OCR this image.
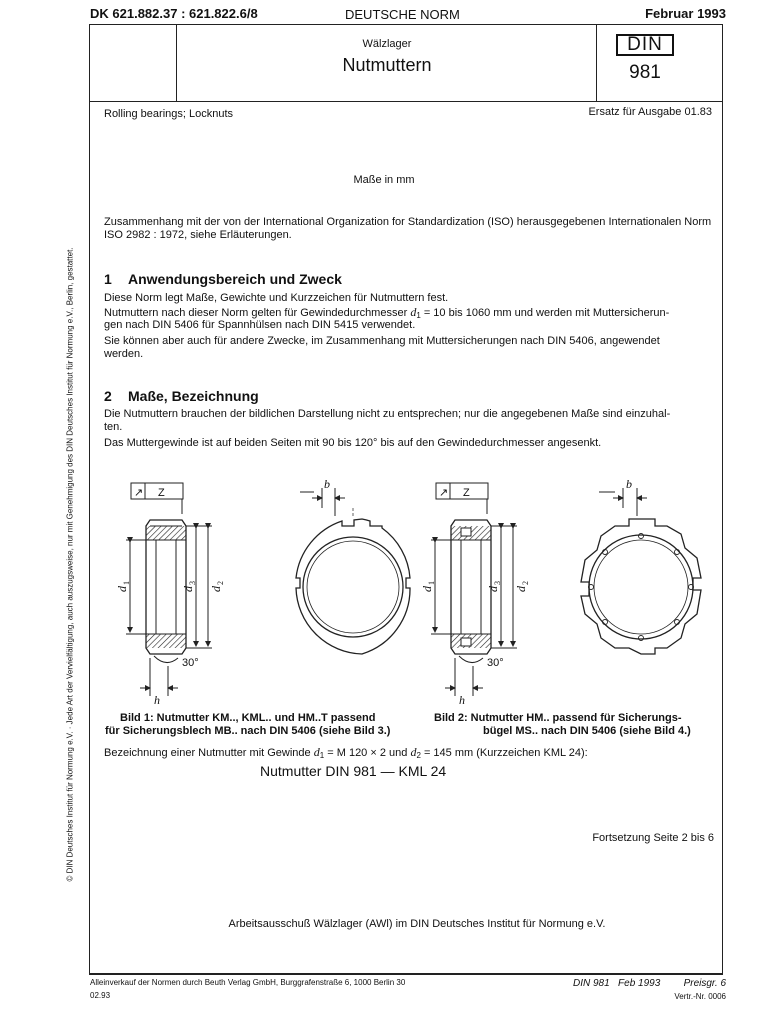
DK 621.882.37 : 621.822.6/8	DEUTSCHE NORM	Februar 1993
© DIN Deutsches Institut für Normung e.V. · Jede Art der Vervielfältigung, auch auszugsweise, nur mit Genehmigung des DIN Deutsches Institut für Normung e.V., Berlin, gestattet.
Wälzlager
Nutmuttern
DIN
981
Rolling bearings; Locknuts	Ersatz für Ausgabe 01.83
Maße in mm
Zusammenhang mit der von der International Organization for Standardization (ISO) herausgegebenen Internationalen Norm ISO 2982 : 1972, siehe Erläuterungen.
1 Anwendungsbereich und Zweck
Diese Norm legt Maße, Gewichte und Kurzzeichen für Nutmuttern fest.
Nutmuttern nach dieser Norm gelten für Gewindedurchmesser $d_1 = 10$ bis 1060 mm und werden mit Muttersicherun-
gen nach DIN 5406 für Spannhülsen nach DIN 5415 verwendet.
Sie können aber auch für andere Zwecke, im Zusammenhang mit Muttersicherungen nach DIN 5406, angewendet
werden.
2 Maße, Bezeichnung
Die Nutmuttern brauchen der bildlichen Darstellung nicht zu entsprechen; nur die angegebenen Maße sind einzuhal-
ten.
Das Muttergewinde ist auf beiden Seiten mit 90 bis 120° bis auf den Gewindedurchmesser angesenkt.
↗ Z	↗ Z
b	b
h	h
30°	30°
d
1
d
3
d
2
d
1
d
3
d
2
Bild 1: Nutmutter KM.., KML.. und HM..T passend
für Sicherungsblech MB.. nach DIN 5406 (siehe Bild 3.)
Bild 2: Nutmutter HM.. passend für Sicherungs-
bügel MS.. nach DIN 5406 (siehe Bild 4.)
Bezeichnung einer Nutmutter mit Gewinde $d_1 = M$ 120 × 2 und $d_2 = 145$ mm (Kurzzeichen KML 24):
Nutmutter DIN 981 — KML 24
Fortsetzung Seite 2 bis 6
Arbeitsausschuß Wälzlager (AWl) im DIN Deutsches Institut für Normung e.V.
Alleinverkauf der Normen durch Beuth Verlag GmbH, Burggrafenstraße 6, 1000 Berlin 30
02.93
DIN 981   Feb 1993 Preisgr. 6
Vertr.-Nr. 0006
